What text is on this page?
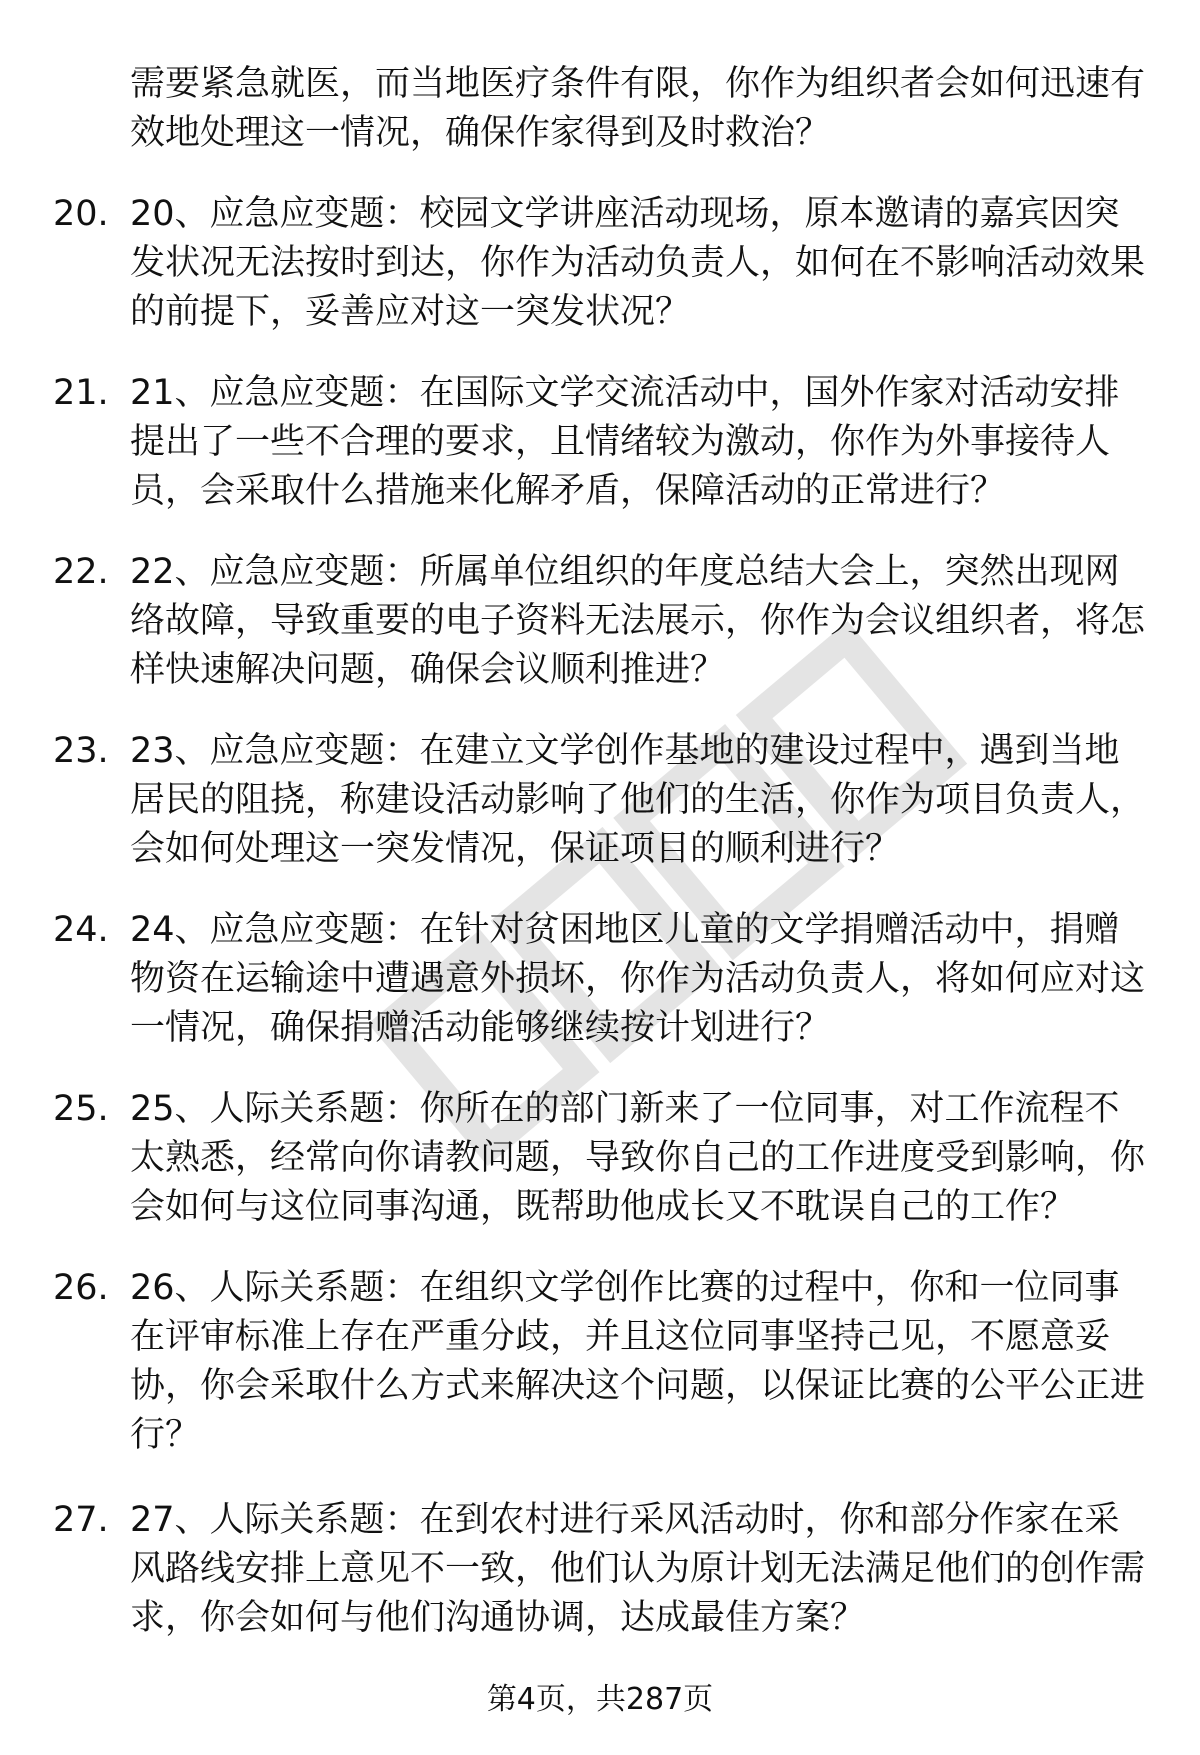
需要紧急就医，而当地医疗条件有限，你作为组织者会如何迅速有效地处理这一情况，确保作家得到及时救治？
20. 20、应急应变题：校园文学讲座活动现场，原本邀请的嘉宾因突发状况无法按时到达，你作为活动负责人，如何在不影响活动效果的前提下，妥善应对这一突发状况？
21. 21、应急应变题：在国际文学交流活动中，国外作家对活动安排提出了一些不合理的要求，且情绪较为激动，你作为外事接待人员，会采取什么措施来化解矛盾，保障活动的正常进行？
22. 22、应急应变题：所属单位组织的年度总结大会上，突然出现网络故障，导致重要的电子资料无法展示，你作为会议组织者，将怎样快速解决问题，确保会议顺利推进？
23. 23、应急应变题：在建立文学创作基地的建设过程中，遇到当地居民的阻挠，称建设活动影响了他们的生活，你作为项目负责人，会如何处理这一突发情况，保证项目的顺利进行？
24. 24、应急应变题：在针对贫困地区儿童的文学捐赠活动中，捐赠物资在运输途中遭遇意外损坏，你作为活动负责人，将如何应对这一情况，确保捐赠活动能够继续按计划进行？
25. 25、人际关系题：你所在的部门新来了一位同事，对工作流程不太熟悉，经常向你请教问题，导致你自己的工作进度受到影响，你会如何与这位同事沟通，既帮助他成长又不耽误自己的工作？
26. 26、人际关系题：在组织文学创作比赛的过程中，你和一位同事在评审标准上存在严重分歧，并且这位同事坚持己见，不愿意妥协，你会采取什么方式来解决这个问题，以保证比赛的公平公正进行？
27. 27、人际关系题：在到农村进行采风活动时，你和部分作家在采风路线安排上意见不一致，他们认为原计划无法满足他们的创作需求，你会如何与他们沟通协调，达成最佳方案？
第4页，共287页
